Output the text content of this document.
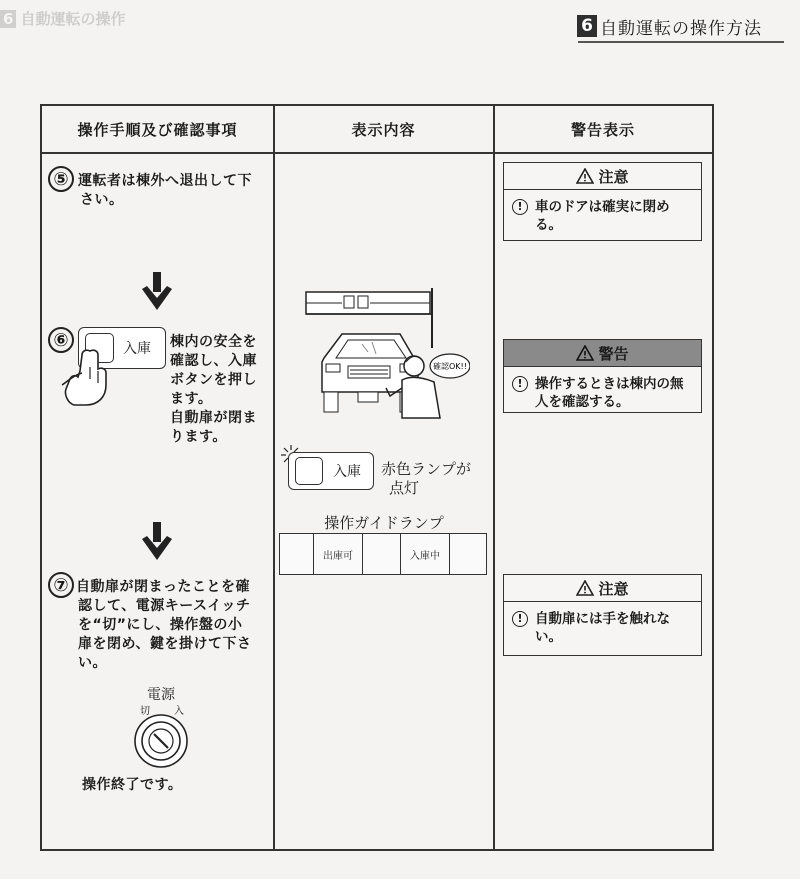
6 自動運転の操作	6 自動運転の操作方法
操作手順及び確認事項	表示内容	警告表示
⑤ 運転者は棟外へ退出して下
さい。
⑥	入庫 棟内の安全を
確認し、入庫
ボタンを押し
ます。
自動扉が閉ま
ります。
⑦ 自動扉が閉まったことを確
認して、電源キースイッチ
を“切”にし、操作盤の小
扉を閉め、鍵を掛けて下さ
い。
電源
切 入
操作終了です。
確認OK!!
入庫 赤色ランプが
点灯
操作ガイドランプ
出庫可	入庫中
注意
! 車のドアは確実に閉め
る。
警告
! 操作するときは棟内の無
人を確認する。
注意
! 自動扉には手を触れな
い。
